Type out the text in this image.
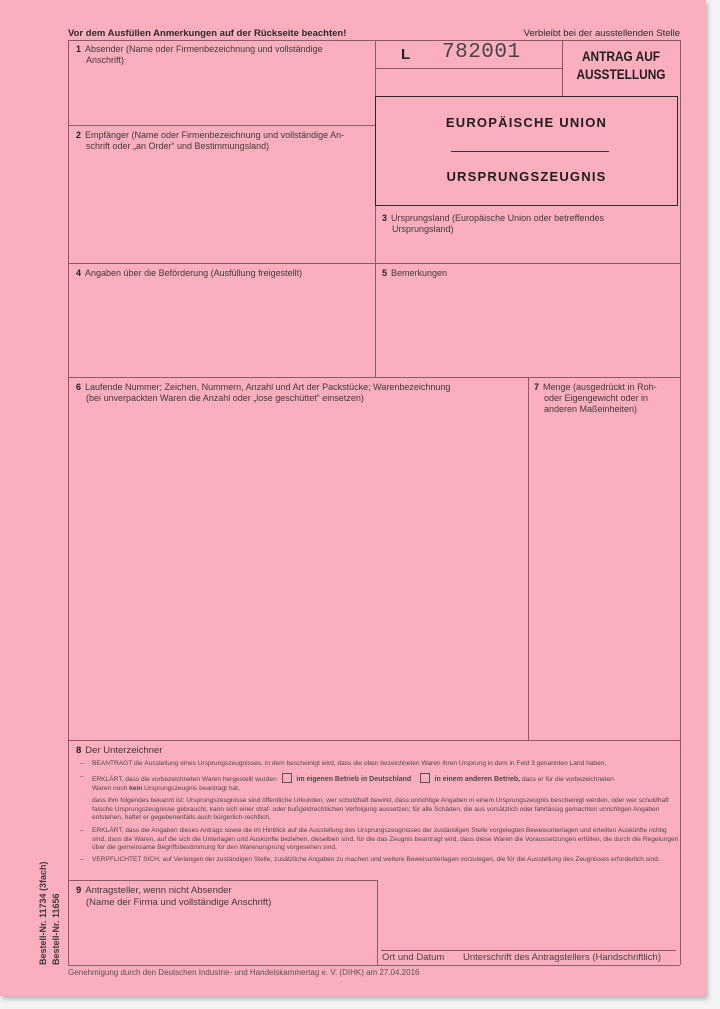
Vor dem Ausfüllen Anmerkungen auf der Rückseite beachten!	Verbleibt bei der ausstellenden Stelle
1 Absender (Name oder Firmenbezeichnung und vollständige
Anschrift)	L 782001	ANTRAG AUF
AUSSTELLUNG
EUROPÄISCHE UNION
URSPRUNGSZEUGNIS
2 Empfänger (Name oder Firmenbezeichnung und vollständige An-
schrift oder „an Order“ und Bestimmungsland)
3 Ursprungsland (Europäische Union oder betreffendes
Ursprungsland)
4 Angaben über die Beförderung (Ausfüllung freigestellt)	5 Bemerkungen
6 Laufende Nummer; Zeichen, Nummern, Anzahl und Art der Packstücke; Warenbezeichnung
(bei unverpackten Waren die Anzahl oder „lose geschüttet“ einsetzen)
7 Menge (ausgedrückt in Roh-
oder Eigengewicht oder in
anderen Maßeinheiten)
8 Der Unterzeichner
– BEANTRAGT die Ausstellung eines Ursprungszeugnisses, in dem bescheinigt wird, dass die oben bezeichneten Waren ihren Ursprung in dem in Feld 3 genannten Land haben,
– ERKLÄRT, dass die vorbezeichneten Waren hergestellt wurden	im eigenen Betrieb in Deutschland	in einem anderen Betrieb, dass er für die vorbezeichneten
Waren noch kein Ursprungszeugnis beantragt hat,
dass ihm folgendes bekannt ist: Ursprungszeugnisse sind öffentliche Urkunden; wer schuldhaft bewirkt, dass unrichtige Angaben in einem Ursprungszeugnis bescheinigt werden, oder wer schuldhaft falsche Ursprungszeugnisse gebraucht, kann sich einer straf- oder bußgeldrechtlichen Verfolgung aussetzen; für alle Schäden, die aus vorsätzlich oder fahrlässig gemachten unrichtigen Angaben entstehen, haftet er gegebenenfalls auch bürgerlich-rechtlich,
– ERKLÄRT, dass die Angaben dieses Antrags sowie die im Hinblick auf die Ausstellung des Ursprungszeugnisses der zuständigen Stelle vorgelegten Beweisunterlagen und erteilten Auskünfte richtig sind, dass die Waren, auf die sich die Unterlagen und Auskünfte beziehen, dieselben sind, für die das Zeugnis beantragt wird, dass diese Waren die Voraussetzungen erfüllen, die durch die Regelungen über die gemeinsame Begriffsbestimmung für den Warenursprung vorgesehen sind,
– VERPFLICHTET SICH, auf Verlangen der zuständigen Stelle, zusätzliche Angaben zu machen und weitere Beweisunterlagen vorzulegen, die für die Ausstellung des Zeugnisses erforderlich sind.
9 Antragsteller, wenn nicht Absender
(Name der Firma und vollständige Anschrift)
Ort und Datum Unterschrift des Antragstellers (Handschriftlich)
Bestell-Nr. 11734 (3fach) Bestell-Nr. 11656
Genehmigung durch den Deutschen Industrie- und Handelskammertag e. V. (DIHK) am 27.04.2016
